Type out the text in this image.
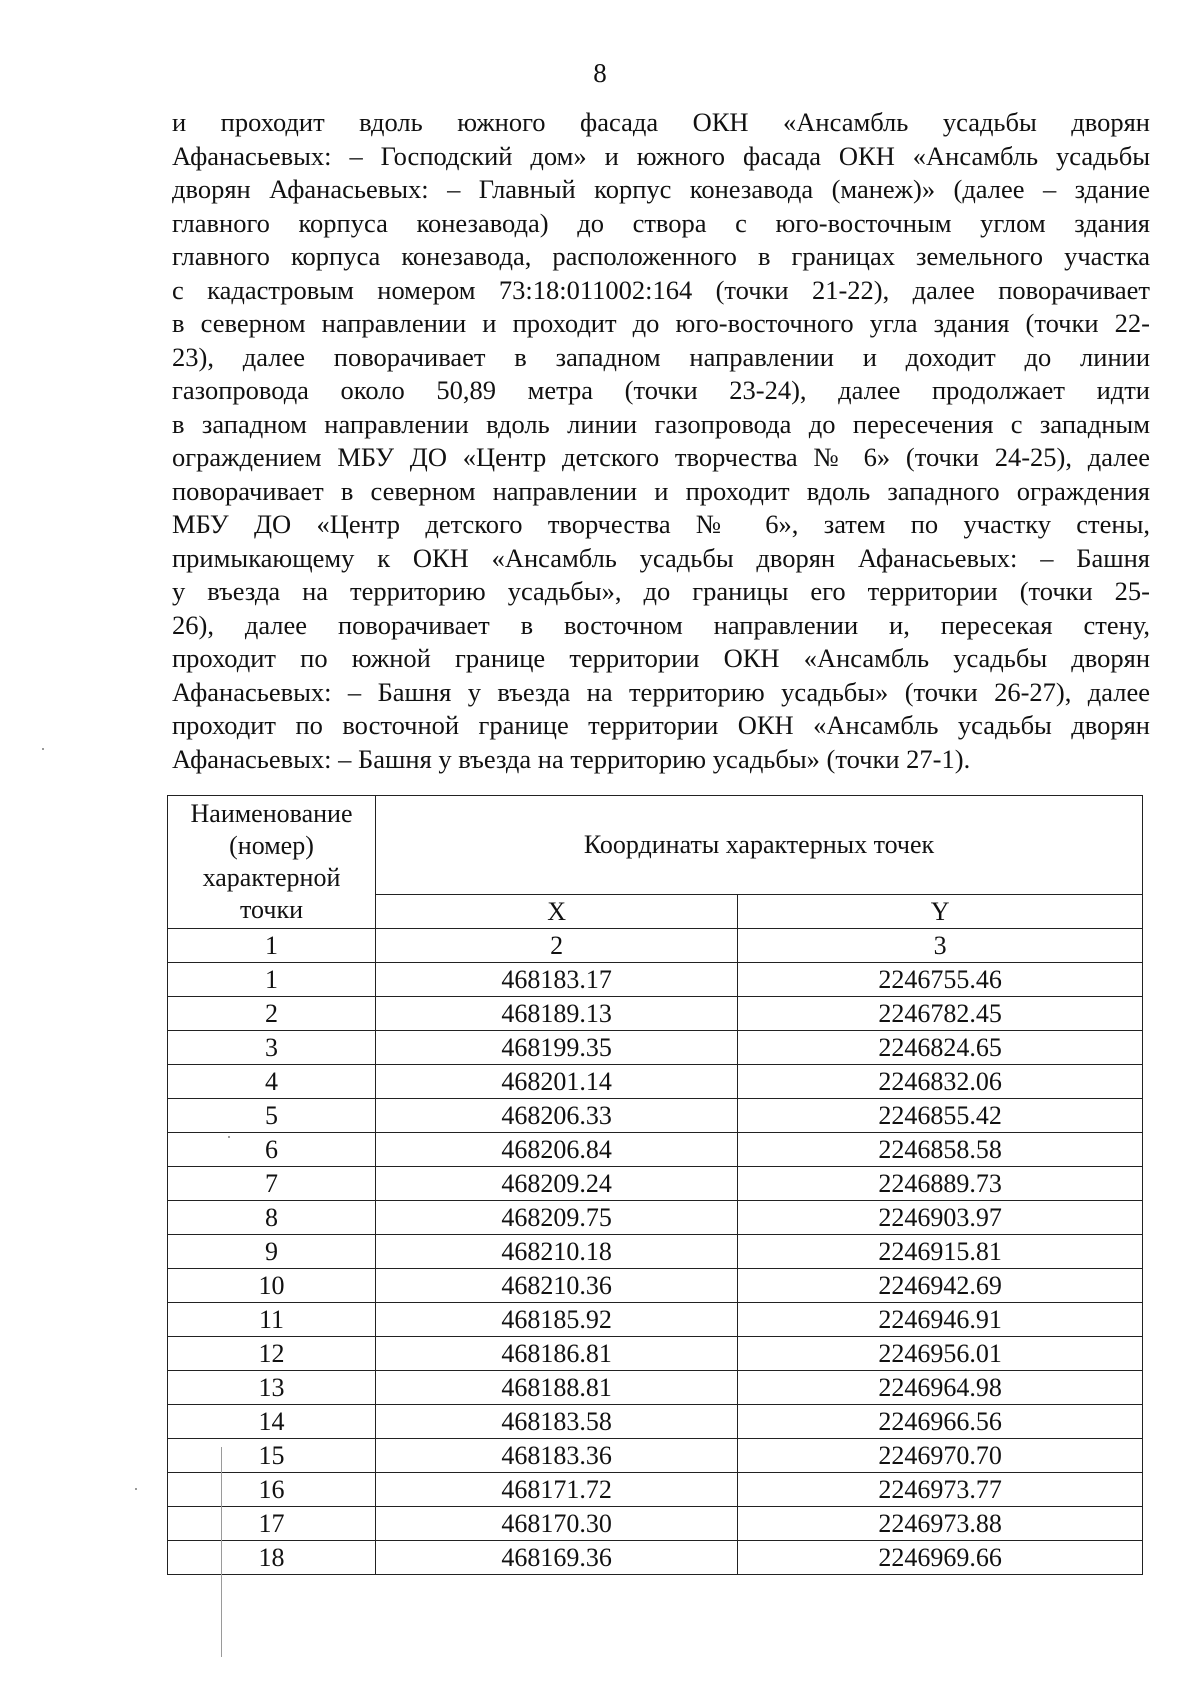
8
и проходит вдоль южного фасада ОКН «Ансамбль усадьбы дворян
Афанасьевых: – Господский дом» и южного фасада ОКН «Ансамбль усадьбы
дворян Афанасьевых: – Главный корпус конезавода (манеж)» (далее – здание
главного корпуса конезавода) до створа с юго-восточным углом здания
главного корпуса конезавода, расположенного в границах земельного участка
с кадастровым номером 73:18:011002:164 (точки 21-22), далее поворачивает
в северном направлении и проходит до юго-восточного угла здания (точки 22-
23), далее поворачивает в западном направлении и доходит до линии
газопровода около 50,89 метра (точки 23-24), далее продолжает идти
в западном направлении вдоль линии газопровода до пересечения с западным
ограждением МБУ ДО «Центр детского творчества № 6» (точки 24-25), далее
поворачивает в северном направлении и проходит вдоль западного ограждения
МБУ ДО «Центр детского творчества № 6», затем по участку стены,
примыкающему к ОКН «Ансамбль усадьбы дворян Афанасьевых: – Башня
у въезда на территорию усадьбы», до границы его территории (точки 25-
26), далее поворачивает в восточном направлении и, пересекая стену,
проходит по южной границе территории ОКН «Ансамбль усадьбы дворян
Афанасьевых: – Башня у въезда на территорию усадьбы» (точки 26-27), далее
проходит по восточной границе территории ОКН «Ансамбль усадьбы дворян
Афанасьевых: – Башня у въезда на территорию усадьбы» (точки 27-1).
Наименование (номер) характерной точки	Координаты характерных точек	
	X	Y
1	2	3
1	468183.17	2246755.46
2	468189.13	2246782.45
3	468199.35	2246824.65
4	468201.14	2246832.06
5	468206.33	2246855.42
6	468206.84	2246858.58
7	468209.24	2246889.73
8	468209.75	2246903.97
9	468210.18	2246915.81
10	468210.36	2246942.69
11	468185.92	2246946.91
12	468186.81	2246956.01
13	468188.81	2246964.98
14	468183.58	2246966.56
15	468183.36	2246970.70
16	468171.72	2246973.77
17	468170.30	2246973.88
18	468169.36	2246969.66
